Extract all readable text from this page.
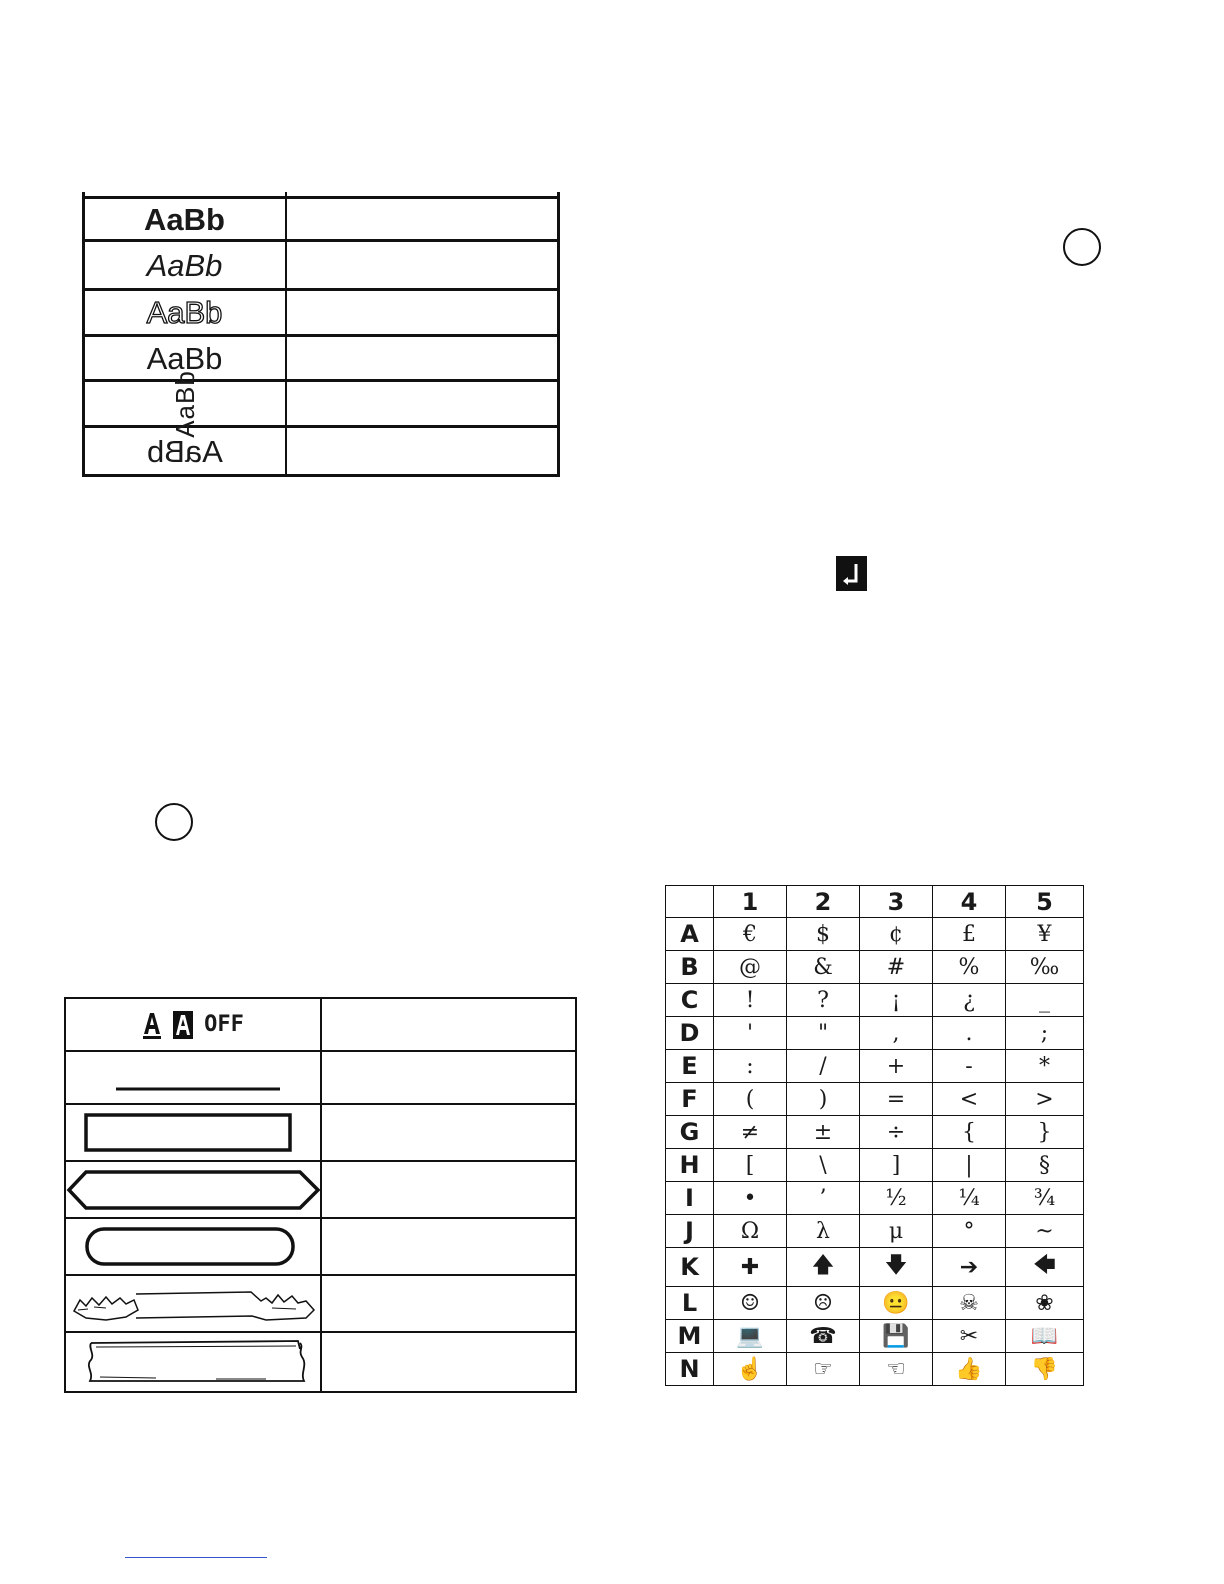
AaBb
AaBb
AaBb
AaBb
AaBb
AaBb
OFF
	1	2	3	4	5
A	€	$	¢	£	¥
B	@	&	#	%	‰
C	!	?	¡	¿	_
D	'	"	,	.	;
E	:	/	+	-	*
F	(	)	=	<	>
G	≠	±	÷	{	}
H	[	\	]	|	§
I	•	’	½	¼	¾
J	Ω	λ	μ	°	~
K	✚	🡅	🡇	➔	🡄
L	☺	☹	😐	☠	❀
M	💻	☎	💾	✂	📖
N	☝	☞	☜	👍	👎
